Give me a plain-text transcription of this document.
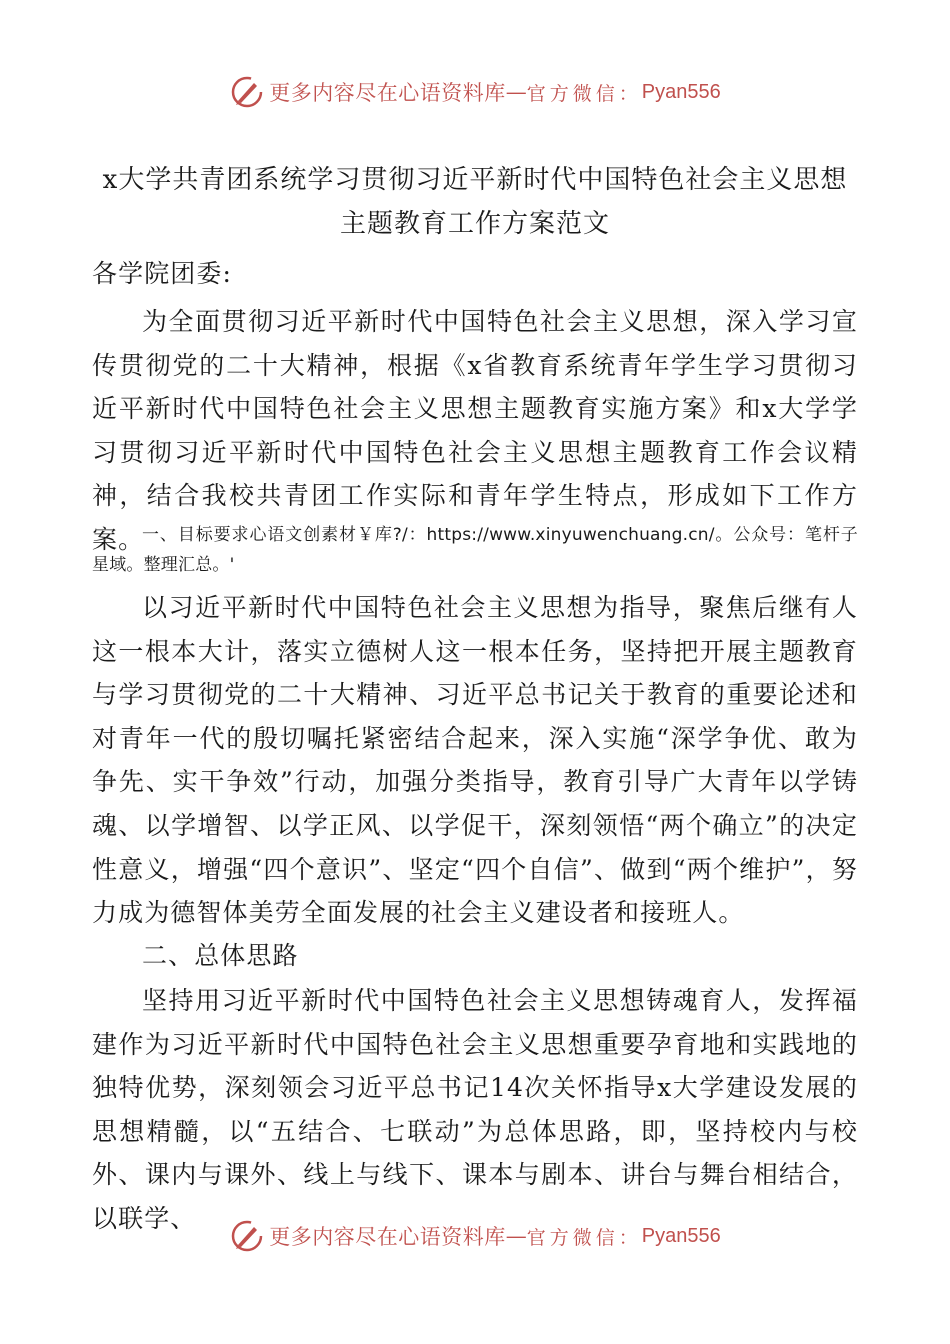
更多内容尽在心语资料库 — 官方微信： Pyan556
x大学共青团系统学习贯彻习近平新时代中国特色社会主义思想主题教育工作方案范文
各学院团委:
为全面贯彻习近平新时代中国特色社会主义思想，深入学习宣传贯彻党的二十大精神，根据《x省教育系统青年学生学习贯彻习近平新时代中国特色社会主义思想主题教育实施方案》和x大学学习贯彻习近平新时代中国特色社会主义思想主题教育工作会议精神，结合我校共青团工作实际和青年学生特点，形成如下工作方案。
一、目标要求心语文创素材￥库?/：https://www.xinyuwenchuang.cn/。公众号：笔杆子星域。整理汇总。'
以习近平新时代中国特色社会主义思想为指导，聚焦后继有人这一根本大计，落实立德树人这一根本任务，坚持把开展主题教育与学习贯彻党的二十大精神、习近平总书记关于教育的重要论述和对青年一代的殷切嘱托紧密结合起来，深入实施“深学争优、敢为争先、实干争效”行动，加强分类指导，教育引导广大青年以学铸魂、以学增智、以学正风、以学促干，深刻领悟“两个确立”的决定性意义，增强“四个意识”、坚定“四个自信”、做到“两个维护”，努力成为德智体美劳全面发展的社会主义建设者和接班人。
二、总体思路
坚持用习近平新时代中国特色社会主义思想铸魂育人，发挥福建作为习近平新时代中国特色社会主义思想重要孕育地和实践地的独特优势，深刻领会习近平总书记14次关怀指导x大学建设发展的思想精髓，以“五结合、七联动”为总体思路，即，坚持校内与校外、课内与课外、线上与线下、课本与剧本、讲台与舞台相结合，以联学、
更多内容尽在心语资料库 — 官方微信： Pyan556
